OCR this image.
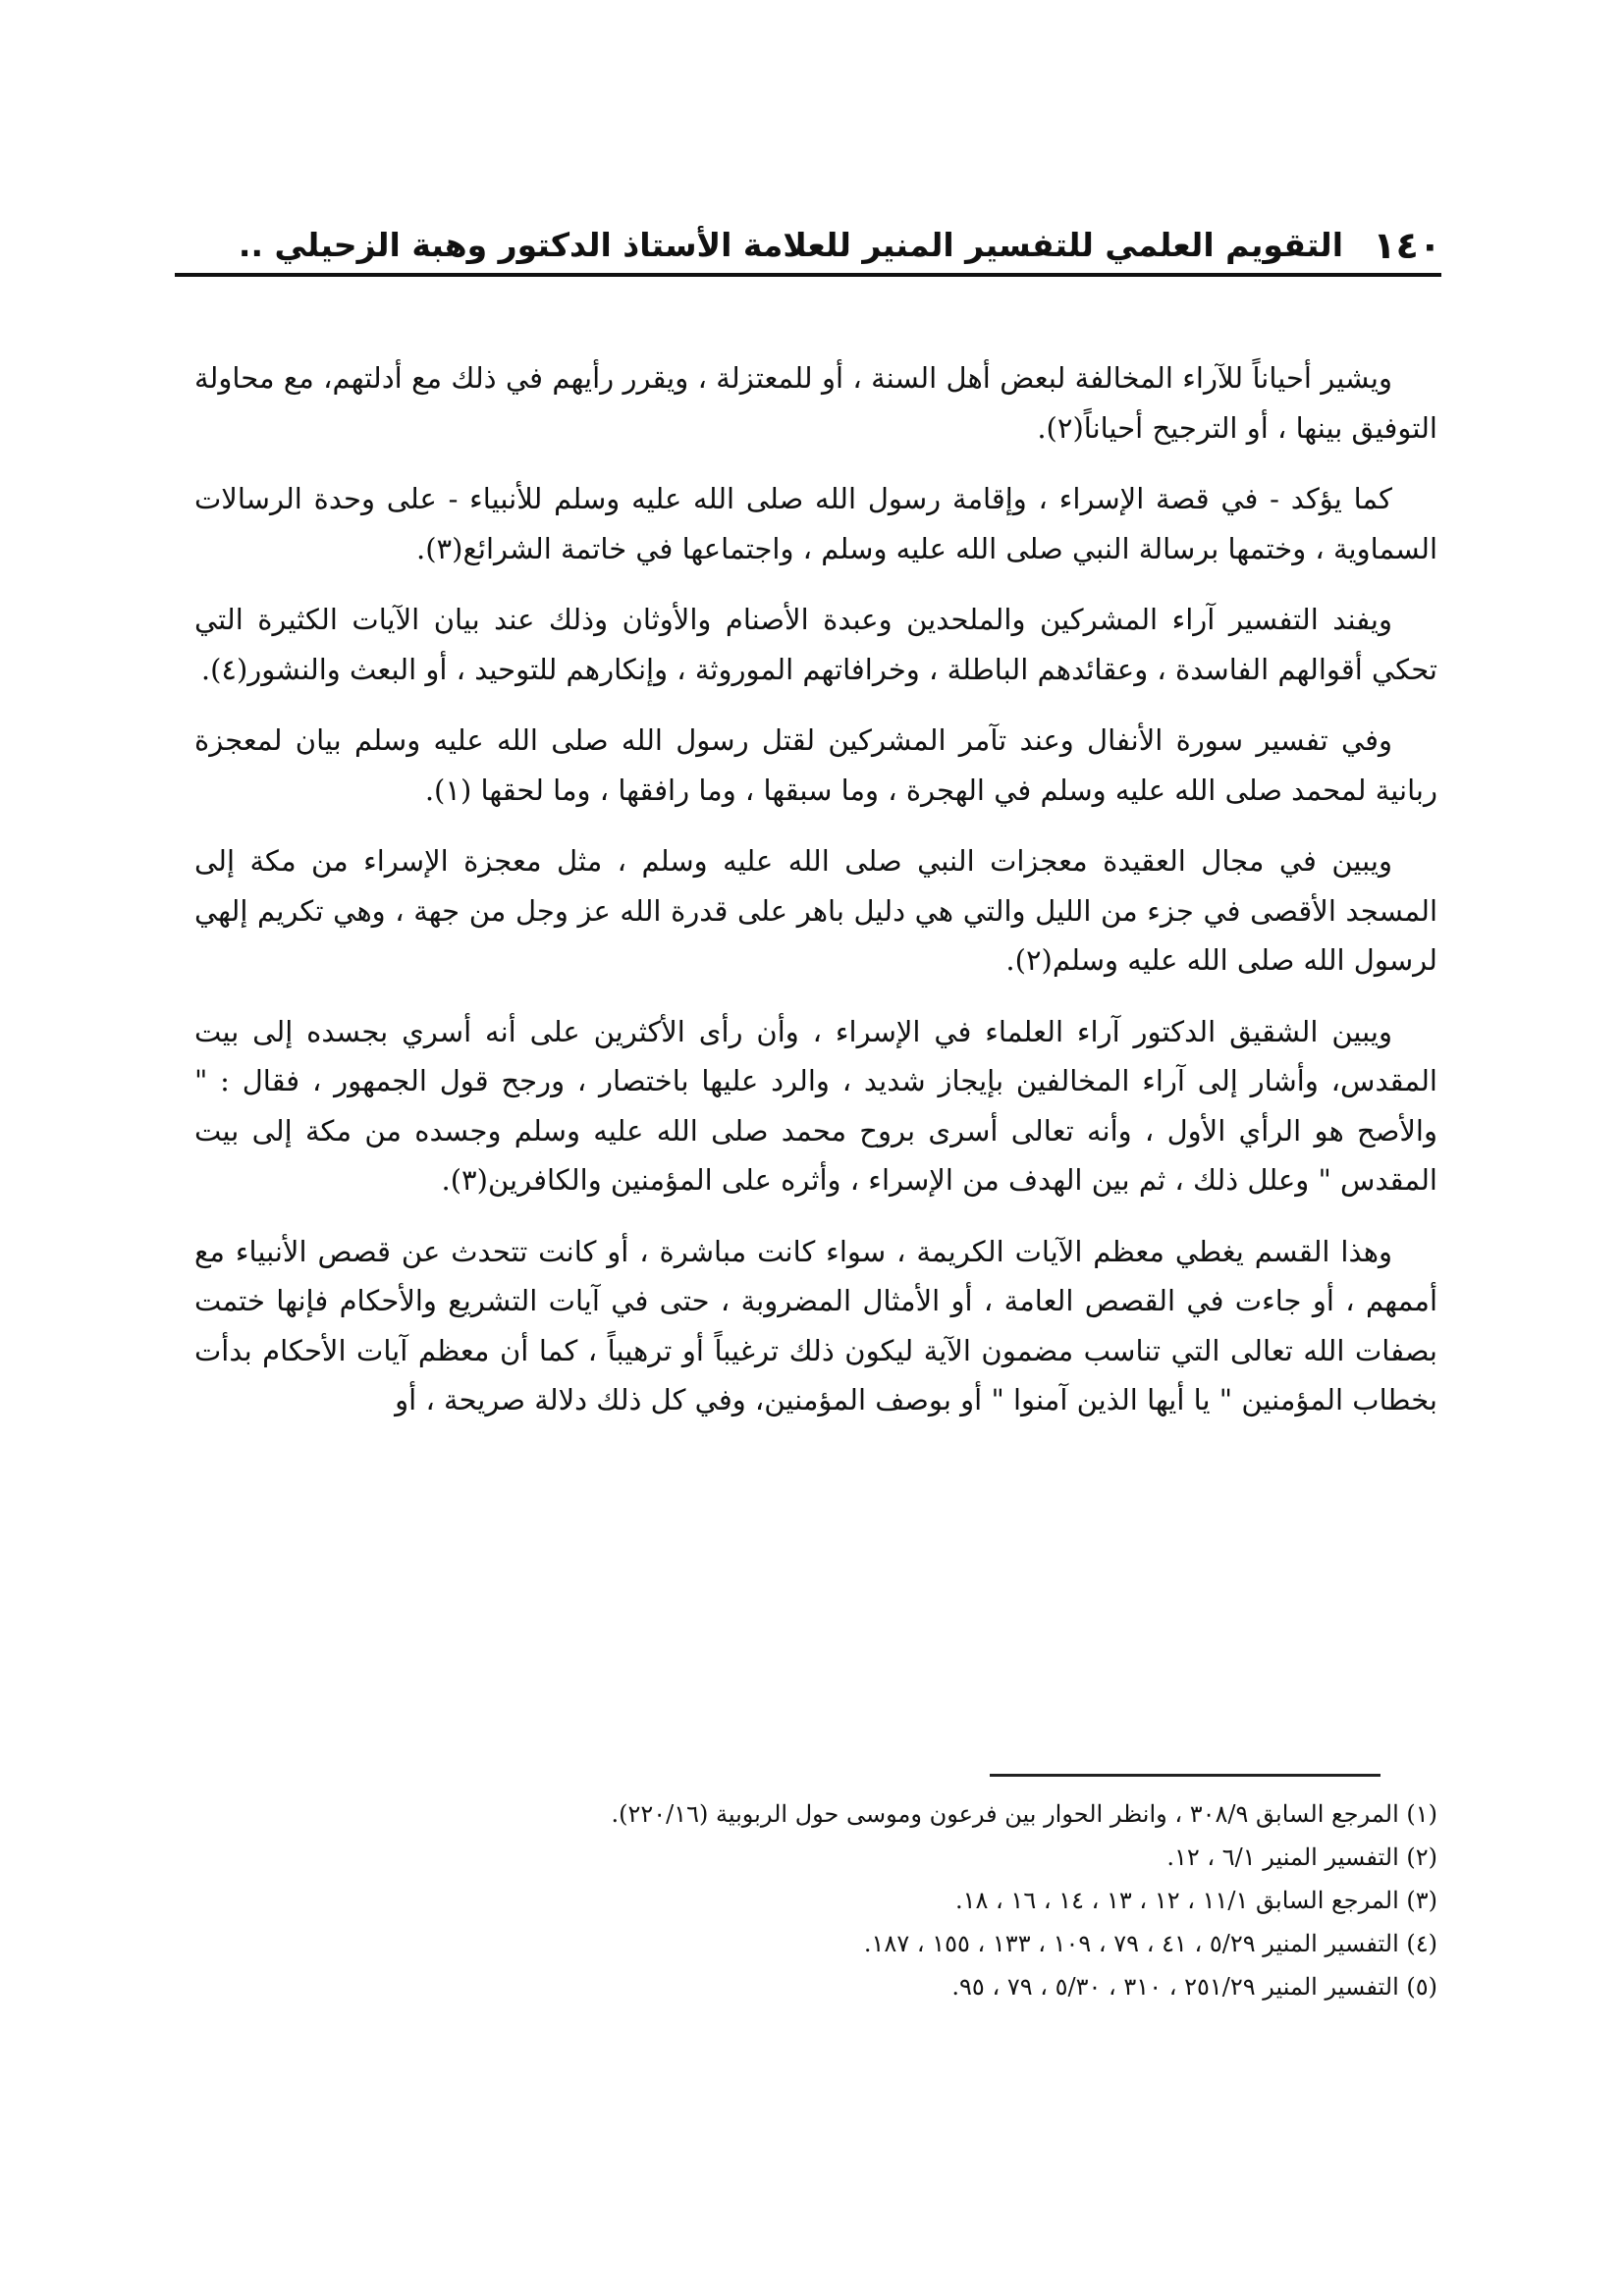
١٤٠
التقويم العلمي للتفسير المنير للعلامة الأستاذ الدكتور وهبة الزحيلي ..

ويشير أحياناً للآراء المخالفة لبعض أهل السنة ، أو للمعتزلة ، ويقرر رأيهم في ذلك مع أدلتهم، مع محاولة التوفيق بينها ، أو الترجيح أحياناً(٢).

كما يؤكد - في قصة الإسراء ، وإقامة رسول الله صلى الله عليه وسلم للأنبياء - على وحدة الرسالات السماوية ، وختمها برسالة النبي صلى الله عليه وسلم ، واجتماعها في خاتمة الشرائع(٣).

ويفند التفسير آراء المشركين والملحدين وعبدة الأصنام والأوثان وذلك عند بيان الآيات الكثيرة التي تحكي أقوالهم الفاسدة ، وعقائدهم الباطلة ، وخرافاتهم الموروثة ، وإنكارهم للتوحيد ، أو البعث والنشور(٤).

وفي تفسير سورة الأنفال وعند تآمر المشركين لقتل رسول الله صلى الله عليه وسلم بيان لمعجزة ربانية لمحمد صلى الله عليه وسلم في الهجرة ، وما سبقها ، وما رافقها ، وما لحقها (١).

ويبين في مجال العقيدة معجزات النبي صلى الله عليه وسلم ، مثل معجزة الإسراء من مكة إلى المسجد الأقصى في جزء من الليل والتي هي دليل باهر على قدرة الله عز وجل من جهة ، وهي تكريم إلهي لرسول الله صلى الله عليه وسلم(٢).

ويبين الشقيق الدكتور آراء العلماء في الإسراء ، وأن رأى الأكثرين على أنه أسري بجسده إلى بيت المقدس، وأشار إلى آراء المخالفين بإيجاز شديد ، والرد عليها باختصار ، ورجح قول الجمهور ، فقال : " والأصح هو الرأي الأول ، وأنه تعالى أسرى بروح محمد صلى الله عليه وسلم وجسده من مكة إلى بيت المقدس " وعلل ذلك ، ثم بين الهدف من الإسراء ، وأثره على المؤمنين والكافرين(٣).

وهذا القسم يغطي معظم الآيات الكريمة ، سواء كانت مباشرة ، أو كانت تتحدث عن قصص الأنبياء مع أممهم ، أو جاءت في القصص العامة ، أو الأمثال المضروبة ، حتى في آيات التشريع والأحكام فإنها ختمت بصفات الله تعالى التي تناسب مضمون الآية ليكون ذلك ترغيباً أو ترهيباً ، كما أن معظم آيات الأحكام بدأت بخطاب المؤمنين " يا أيها الذين آمنوا " أو بوصف المؤمنين، وفي كل ذلك دلالة صريحة ، أو

(١) المرجع السابق ٣٠٨/٩ ، وانظر الحوار بين فرعون وموسى حول الربوبية (٢٢٠/١٦).

(٢) التفسير المنير ٦/١ ، ١٢.

(٣) المرجع السابق ١١/١ ، ١٢ ، ١٣ ، ١٤ ، ١٦ ، ١٨.

(٤) التفسير المنير ٥/٢٩ ، ٤١ ، ٧٩ ، ١٠٩ ، ١٣٣ ، ١٥٥ ، ١٨٧.

(٥) التفسير المنير ٢٥١/٢٩ ، ٣١٠ ، ٥/٣٠ ، ٧٩ ، ٩٥.
